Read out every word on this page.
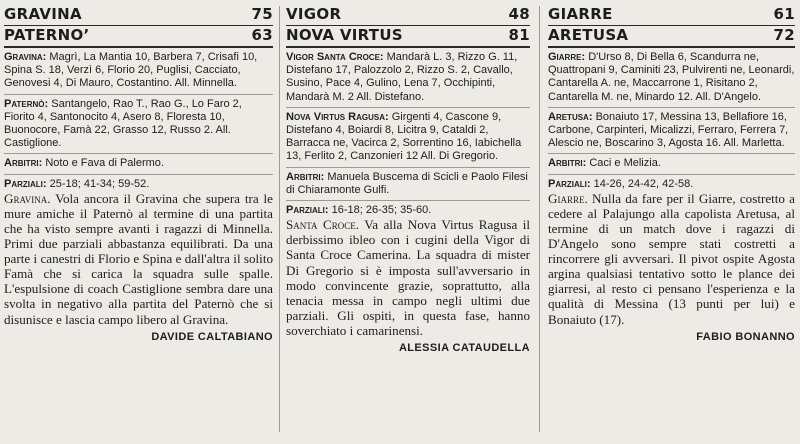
GRAVINA	75
PATERNO’	63

Gravina: Magrì, La Mantia 10, Barbera 7, Crisafi 10, Spina S. 18, Verzì 6, Florio 20, Puglisi, Cacciato, Genovesi 4, Di Mauro, Costantino. All. Minnella.

Paternò: Santangelo, Rao T., Rao G., Lo Faro 2, Fiorito 4, Santonocito 4, Asero 8, Floresta 10, Buonocore, Famà 22, Grasso 12, Russo 2. All. Castiglione.

Arbitri: Noto e Fava di Palermo.

Parziali: 25-18; 41-34; 59-52.

Gravina. Vola ancora il Gravina che supera tra le mure amiche il Paternò al termine di una partita che ha visto sempre avanti i ragazzi di Minnella. Primi due parziali abbastanza equilibrati. Da una parte i canestri di Florio e Spina e dall'altra il solito Famà che si carica la squadra sulle spalle. L'espulsione di coach Castiglione sembra dare una svolta in negativo alla partita del Paternò che si disunisce e lascia campo libero al Gravina.

DAVIDE CALTABIANO
VIGOR	48
NOVA VIRTUS	81

Vigor Santa Croce: Mandarà L. 3, Rizzo G. 11, Distefano 17, Palozzolo 2, Rizzo S. 2, Cavallo, Susino, Pace 4, Gulino, Lena 7, Occhipinti, Mandarà M. 2 All. Distefano.

Nova Virtus Ragusa: Girgenti 4, Cascone 9, Distefano 4, Boiardi 8, Licitra 9, Cataldi 2, Barraccа ne, Vacirca 2, Sorrentino 16, Iabichella 13, Ferlito 2, Canzonieri 12 All. Di Gregorio.

Arbitri: Manuela Buscema di Scicli e Paolo Filesi di Chiaramonte Gulfi.

Parziali: 16-18; 26-35; 35-60.

Santa Croce. Va alla Nova Virtus Ragusa il derbissimo ibleo con i cugini della Vigor di Santa Croce Camerina. La squadra di mister Di Gregorio si è imposta sull'avversario in modo convincente grazie, soprattutto, alla tenacia messa in campo negli ultimi due parziali. Gli ospiti, in questa fase, hanno soverchiato i camarinensi.

ALESSIA CATAUDELLA
GIARRE	61
ARETUSA	72

Giarre: D'Urso 8, Di Bella 6, Scandurra ne, Quattropani 9, Caminiti 23, Pulvirenti ne, Leonardi, Cantarella A. ne, Maccarrone 1, Risitano 2, Cantarella M. ne, Minardo 12. All. D'Angelo.

Aretusa: Bonaiuto 17, Messina 13, Bellafiore 16, Carbone, Carpinteri, Micalizzi, Ferraro, Ferrera 7, Alescio ne, Boscarino 3, Agosta 16. All. Marletta.

Arbitri: Caci e Melizia.

Parziali: 14-26, 24-42, 42-58.

Giarre. Nulla da fare per il Giarre, costretto a cedere al Palajungo alla capolista Aretusa, al termine di un match dove i ragazzi di D'Angelo sono sempre stati costretti a rincorrere gli avversari. Il pivot ospite Agosta argina qualsiasi tentativo sotto le plance dei giarresi, al resto ci pensano l'esperienza e la qualità di Messina (13 punti per lui) e Bonaiuto (17).

FABIO BONANNO
